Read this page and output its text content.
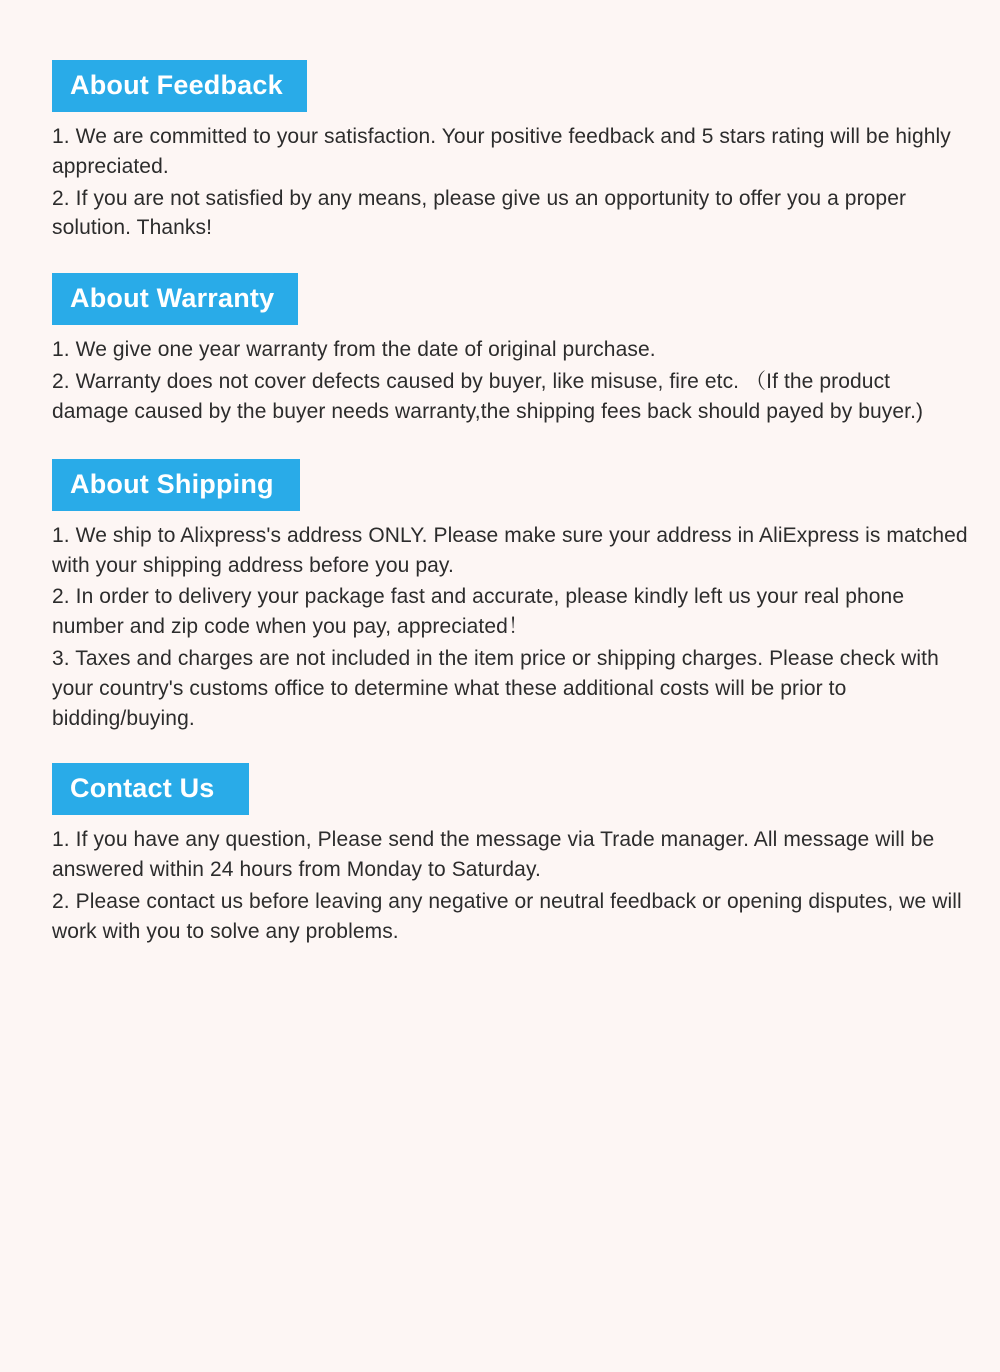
About Feedback

1. We are committed to your satisfaction. Your positive feedback and 5 stars rating will be highly appreciated.

2. If you are not satisfied by any means, please give us an opportunity to offer you a proper solution. Thanks!

About Warranty

1. We give one year warranty from the date of original purchase.

2. Warranty does not cover defects caused by buyer, like misuse, fire etc. （If the product damage caused by the buyer needs warranty,the shipping fees back should payed by buyer.)

About Shipping

1. We ship to Alixpress's address ONLY. Please make sure your address in AliExpress is matched with your shipping address before you pay.

2. In order to delivery your package fast and accurate, please kindly left us your real phone number and zip code when you pay, appreciated！

3. Taxes and charges are not included in the item price or shipping charges. Please check with your country's customs office to determine what these additional costs will be prior to bidding/buying.

Contact Us

1. If you have any question, Please send the message via Trade manager. All message will be answered within 24 hours from Monday to Saturday.

2. Please contact us before leaving any negative or neutral feedback or opening disputes, we will work with you to solve any problems.
